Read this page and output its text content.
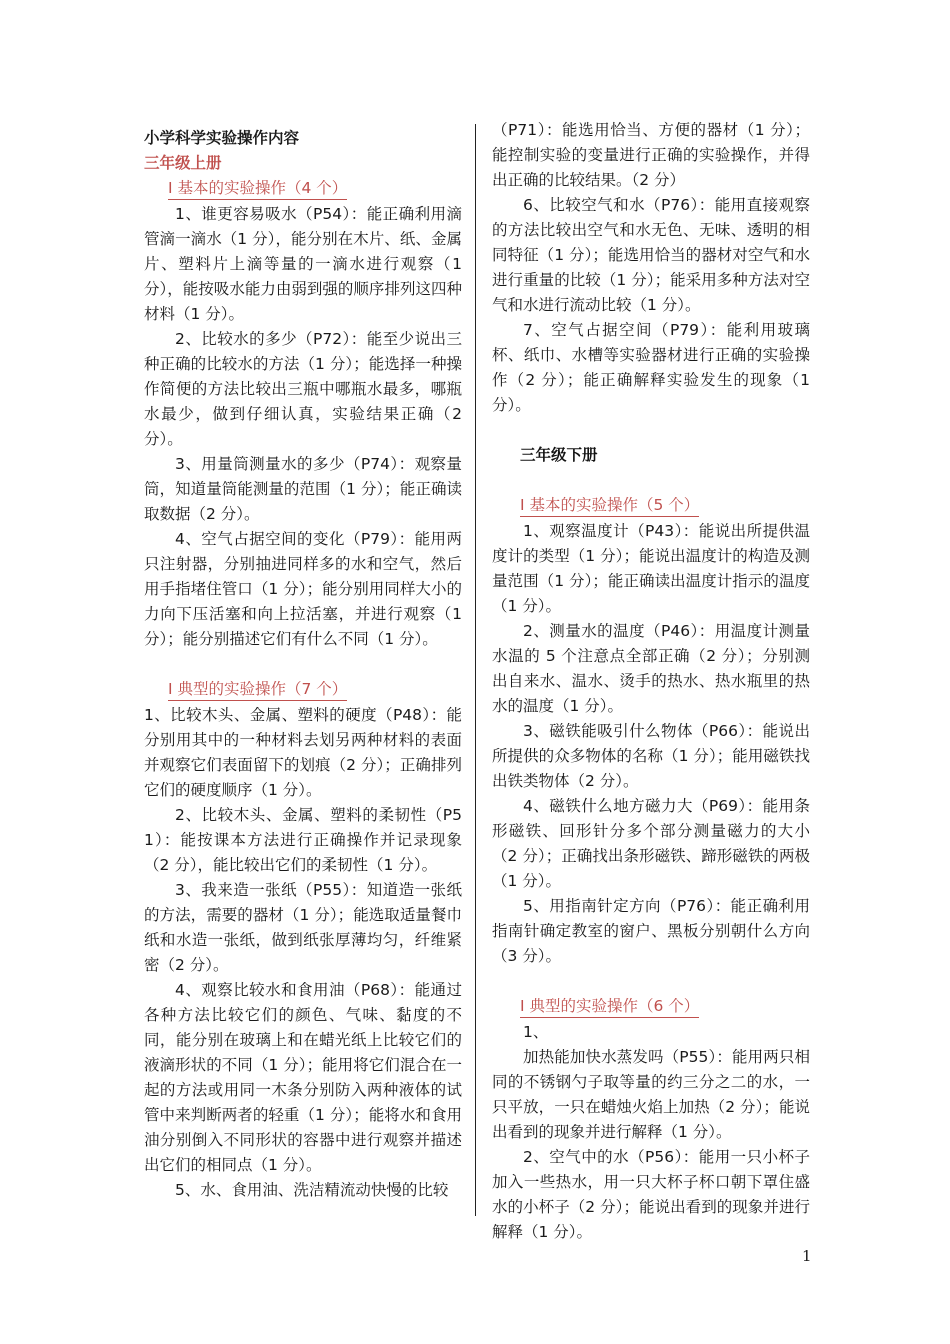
小学科学实验操作内容
三年级上册
Ⅰ 基本的实验操作（4 个）

1、谁更容易吸水（P54）：能正确利用滴管滴一滴水（1 分），能分别在木片、纸、金属片、塑料片上滴等量的一滴水进行观察（1 分），能按吸水能力由弱到强的顺序排列这四种材料（1 分）。

2、比较水的多少（P72）：能至少说出三种正确的比较水的方法（1 分）；能选择一种操作简便的方法比较出三瓶中哪瓶水最多，哪瓶水最少，做到仔细认真，实验结果正确（2 分）。

3、用量筒测量水的多少（P74）：观察量筒，知道量筒能测量的范围（1 分）；能正确读取数据（2 分）。

4、空气占据空间的变化（P79）：能用两只注射器，分别抽进同样多的水和空气，然后用手指堵住管口（1 分）；能分别用同样大小的力向下压活塞和向上拉活塞，并进行观察（1 分）；能分别描述它们有什么不同（1 分）。

Ⅰ 典型的实验操作（7 个）

1、比较木头、金属、塑料的硬度（P48）：能分别用其中的一种材料去划另两种材料的表面并观察它们表面留下的划痕（2 分）；正确排列它们的硬度顺序（1 分）。

2、比较木头、金属、塑料的柔韧性（P51）：能按课本方法进行正确操作并记录现象（2 分），能比较出它们的柔韧性（1 分）。

3、我来造一张纸（P55）：知道造一张纸的方法，需要的器材（1 分）；能选取适量餐巾纸和水造一张纸，做到纸张厚薄均匀，纤维紧密（2 分）。

4、观察比较水和食用油（P68）：能通过各种方法比较它们的颜色、气味、黏度的不同，能分别在玻璃上和在蜡光纸上比较它们的液滴形状的不同（1 分）；能用将它们混合在一起的方法或用同一木条分别防入两种液体的试管中来判断两者的轻重（1 分）；能将水和食用油分别倒入不同形状的容器中进行观察并描述出它们的相同点（1 分）。

5、水、食用油、洗洁精流动快慢的比较

（P71）：能选用恰当、方便的器材（1 分）；能控制实验的变量进行正确的实验操作，并得出正确的比较结果。（2 分）

6、比较空气和水（P76）：能用直接观察的方法比较出空气和水无色、无味、透明的相同特征（1 分）；能选用恰当的器材对空气和水进行重量的比较（1 分）；能采用多种方法对空气和水进行流动比较（1 分）。

7、空气占据空间（P79）：能利用玻璃杯、纸巾、水槽等实验器材进行正确的实验操作（2 分）；能正确解释实验发生的现象（1 分）。

三年级下册
Ⅰ 基本的实验操作（5 个）

1、观察温度计（P43）：能说出所提供温度计的类型（1 分）；能说出温度计的构造及测量范围（1 分）；能正确读出温度计指示的温度（1 分）。

2、测量水的温度（P46）：用温度计测量水温的 5 个注意点全部正确（2 分）；分别测出自来水、温水、烫手的热水、热水瓶里的热水的温度（1 分）。

3、磁铁能吸引什么物体（P66）：能说出所提供的众多物体的名称（1 分）；能用磁铁找出铁类物体（2 分）。

4、磁铁什么地方磁力大（P69）：能用条形磁铁、回形针分多个部分测量磁力的大小（2 分）；正确找出条形磁铁、蹄形磁铁的两极（1 分）。

5、用指南针定方向（P76）：能正确利用指南针确定教室的窗户、黑板分别朝什么方向（3 分）。

Ⅰ 典型的实验操作（6 个）

1、

加热能加快水蒸发吗（P55）：能用两只相同的不锈钢勺子取等量的约三分之二的水，一只平放，一只在蜡烛火焰上加热（2 分）；能说出看到的现象并进行解释（1 分）。

2、空气中的水（P56）：能用一只小杯子加入一些热水，用一只大杯子杯口朝下罩住盛水的小杯子（2 分）；能说出看到的现象并进行解释（1 分）。

1
